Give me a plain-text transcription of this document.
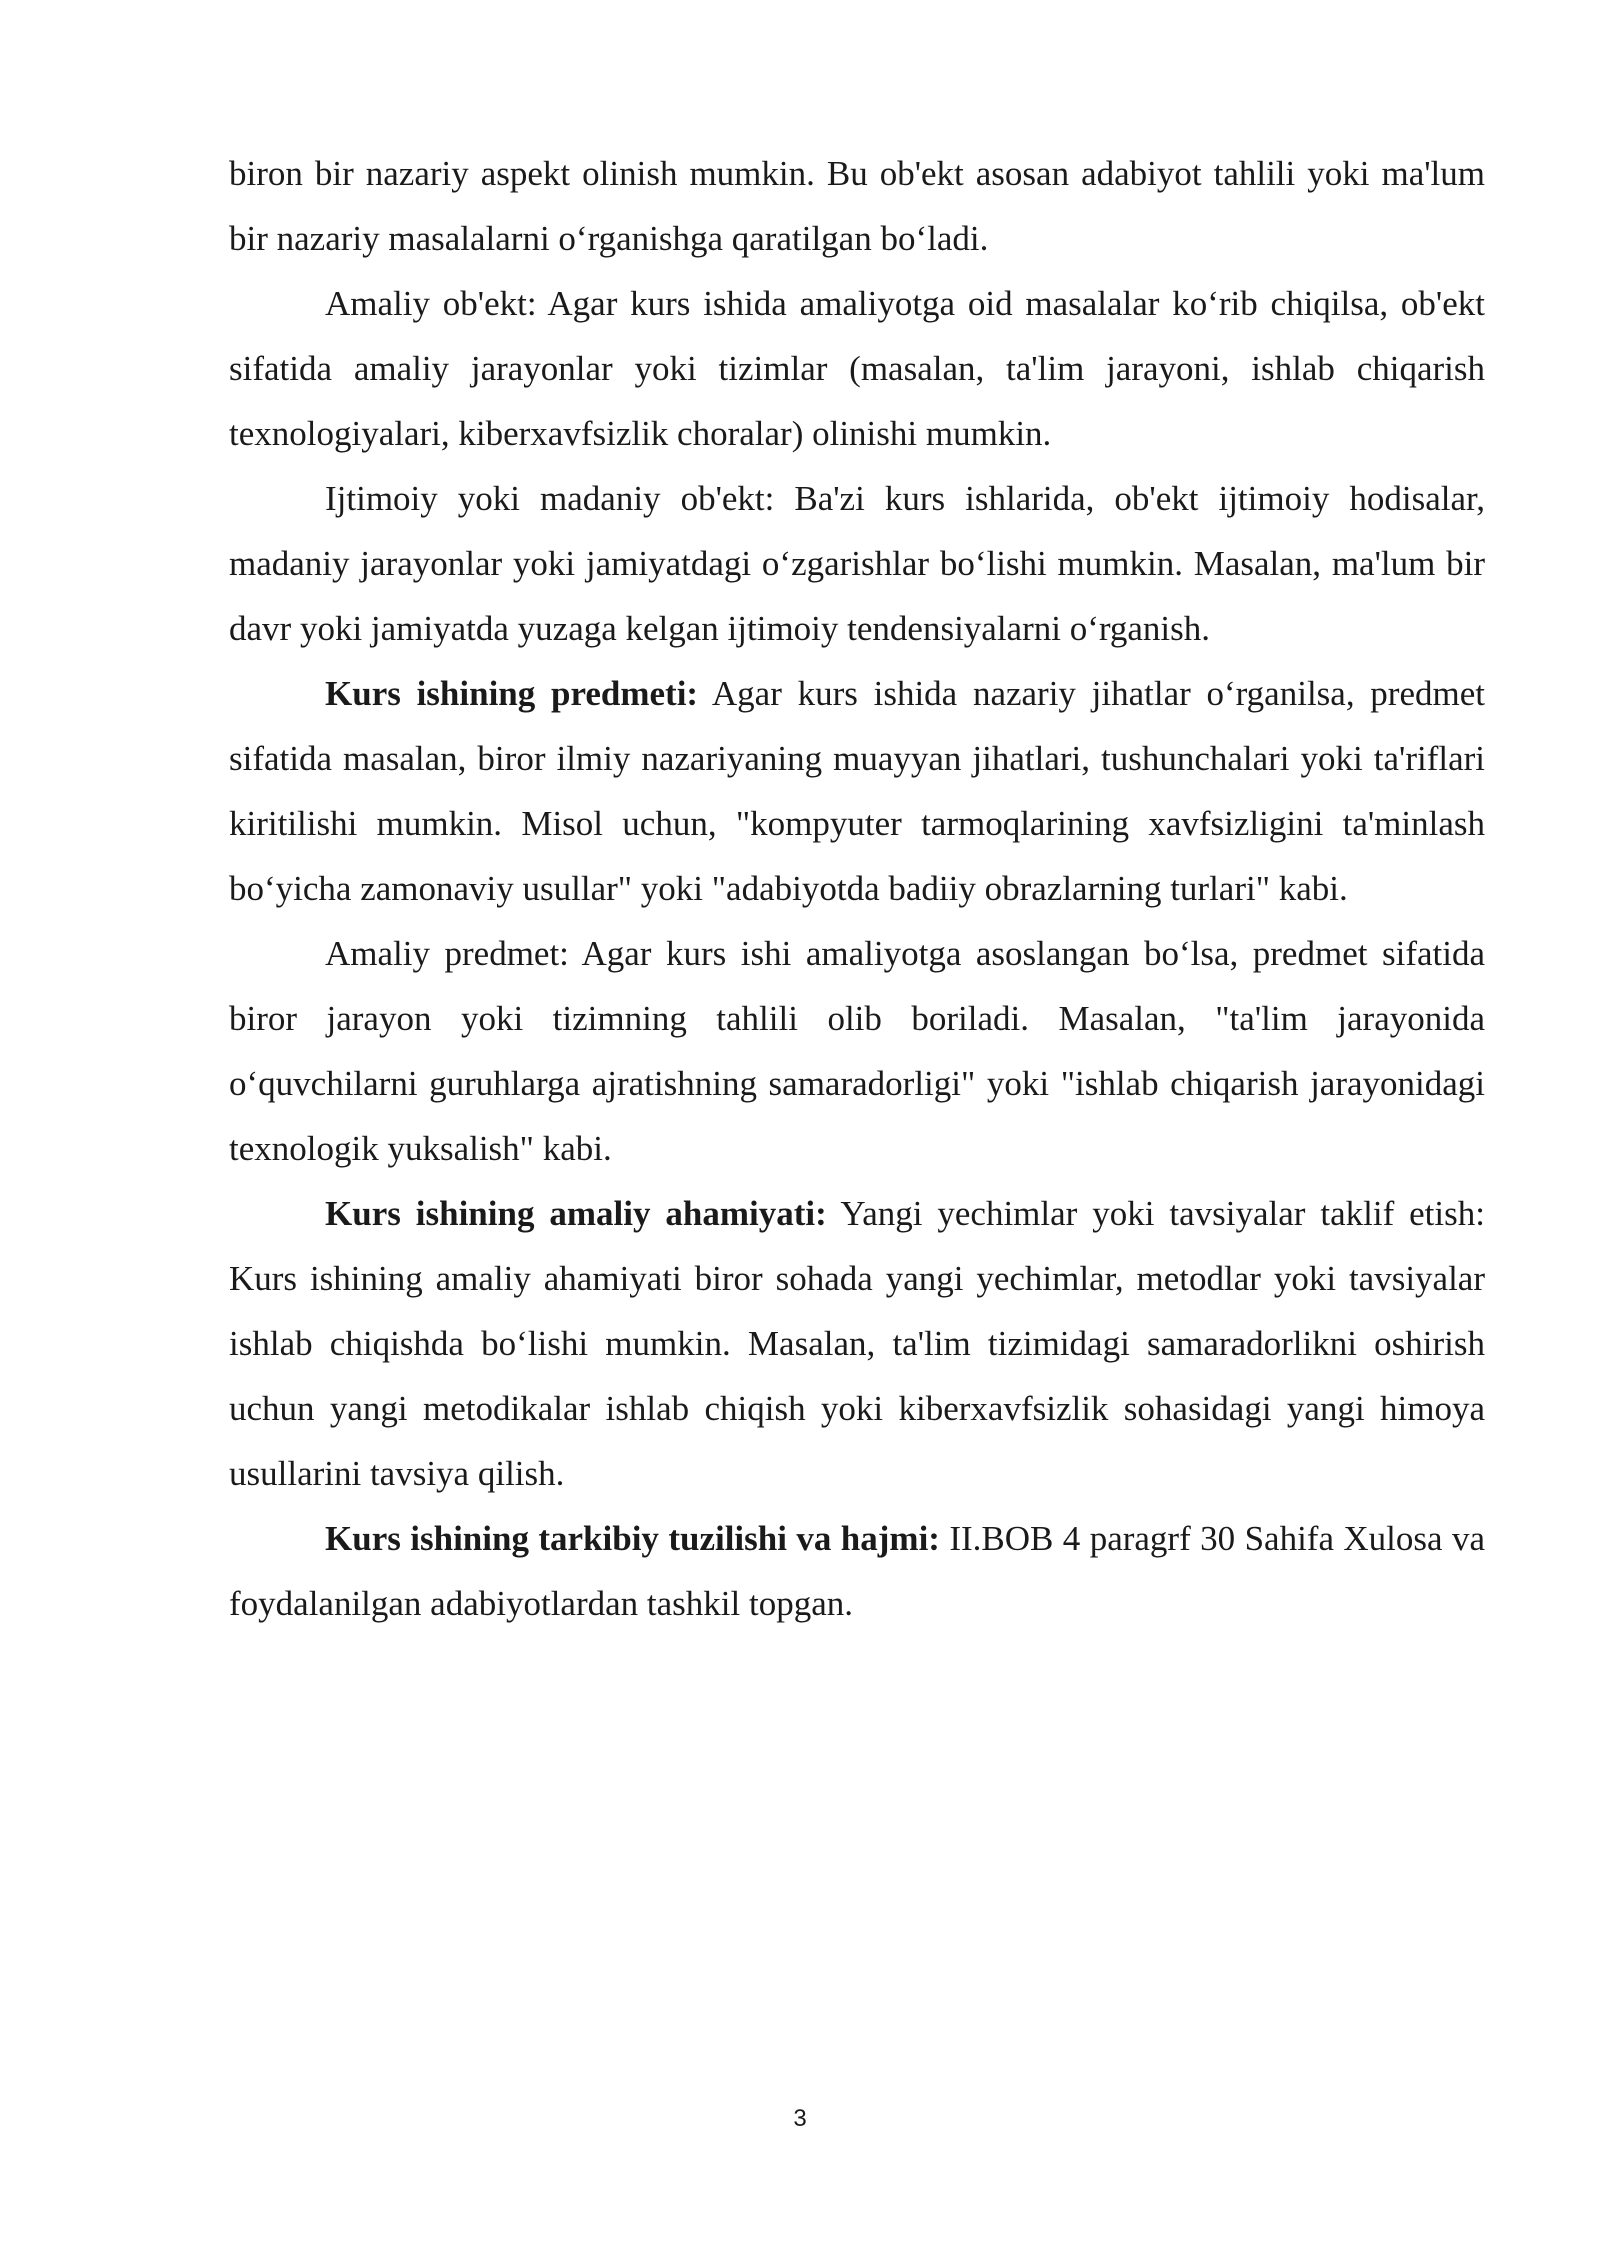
biron bir nazariy aspekt olinish mumkin. Bu ob'ekt asosan adabiyot tahlili yoki ma'lum bir nazariy masalalarni o‘rganishga qaratilgan bo‘ladi.

Amaliy ob'ekt: Agar kurs ishida amaliyotga oid masalalar ko‘rib chiqilsa, ob'ekt sifatida amaliy jarayonlar yoki tizimlar (masalan, ta'lim jarayoni, ishlab chiqarish texnologiyalari, kiberxavfsizlik choralar) olinishi mumkin.

Ijtimoiy yoki madaniy ob'ekt: Ba'zi kurs ishlarida, ob'ekt ijtimoiy hodisalar, madaniy jarayonlar yoki jamiyatdagi o‘zgarishlar bo‘lishi mumkin. Masalan, ma'lum bir davr yoki jamiyatda yuzaga kelgan ijtimoiy tendensiyalarni o‘rganish.

Kurs ishining predmeti: Agar kurs ishida nazariy jihatlar o‘rganilsa, predmet sifatida masalan, biror ilmiy nazariyaning muayyan jihatlari, tushunchalari yoki ta'riflari kiritilishi mumkin. Misol uchun, "kompyuter tarmoqlarining xavfsizligini ta'minlash bo‘yicha zamonaviy usullar" yoki "adabiyotda badiiy obrazlarning turlari" kabi.

Amaliy predmet: Agar kurs ishi amaliyotga asoslangan bo‘lsa, predmet sifatida biror jarayon yoki tizimning tahlili olib boriladi. Masalan, "ta'lim jarayonida o‘quvchilarni guruhlarga ajratishning samaradorligi" yoki "ishlab chiqarish jarayonidagi texnologik yuksalish" kabi.

Kurs ishining amaliy ahamiyati: Yangi yechimlar yoki tavsiyalar taklif etish: Kurs ishining amaliy ahamiyati biror sohada yangi yechimlar, metodlar yoki tavsiyalar ishlab chiqishda bo‘lishi mumkin. Masalan, ta'lim tizimidagi samaradorlikni oshirish uchun yangi metodikalar ishlab chiqish yoki kiberxavfsizlik sohasidagi yangi himoya usullarini tavsiya qilish.

Kurs ishining tarkibiy tuzilishi va hajmi: II.BOB 4 paragrf 30 Sahifa Xulosa va foydalanilgan adabiyotlardan tashkil topgan.

3
